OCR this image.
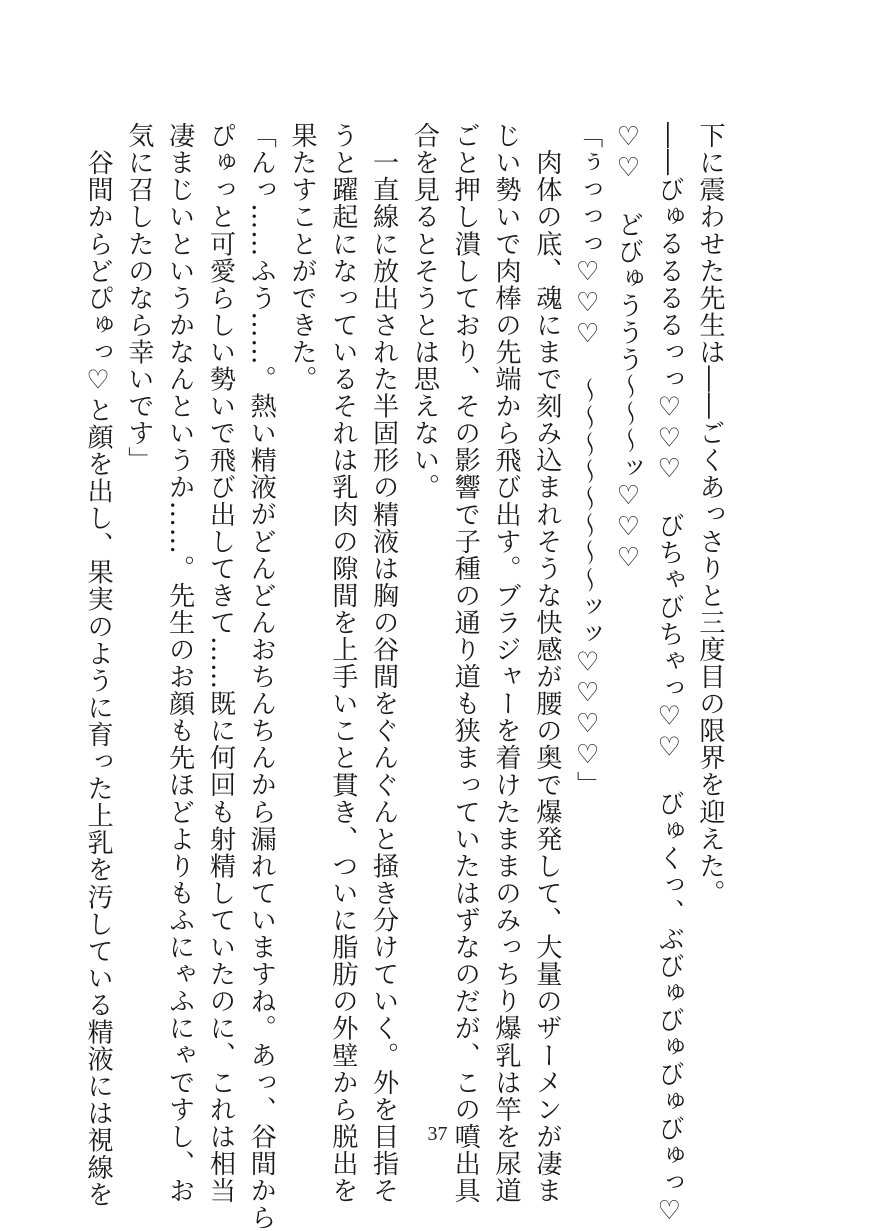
下に震わせた先生は――ごくあっさりと三度目の限界を迎えた。
――びゅるるるるっっ♡♡♡　びちゃびちゃっ♡♡　びゅくっ、ぶびゅびゅびゅびゅっ♡
♡♡　どびゅううう〜〜〜ッ♡♡♡
「ぅっっっ♡♡♡　〜〜〜〜〜〜〜〜ッッ♡♡♡♡」
　肉体の底、魂にまで刻み込まれそうな快感が腰の奥で爆発して、大量のザーメンが凄ま
じい勢いで肉棒の先端から飛び出す。ブラジャーを着けたままのみっちり爆乳は竿を尿道
ごと押し潰しており、その影響で子種の通り道も狭まっていたはずなのだが、この噴出具
合を見るとそうとは思えない。
　一直線に放出された半固形の精液は胸の谷間をぐんぐんと掻き分けていく。外を目指そ
うと躍起になっているそれは乳肉の隙間を上手いこと貫き、ついに脂肪の外壁から脱出を
果たすことができた。
「んっ……ふう……。熱い精液がどんどんおちんちんから漏れていますね。あっ、谷間から
ぴゅっと可愛らしい勢いで飛び出してきて……既に何回も射精していたのに、これは相当
凄まじいというかなんというか……。先生のお顔も先ほどよりもふにゃふにゃですし、お
気に召したのなら幸いです」
　谷間からどぴゅっ♡と顔を出し、果実のように育った上乳を汚している精液には視線を	37
